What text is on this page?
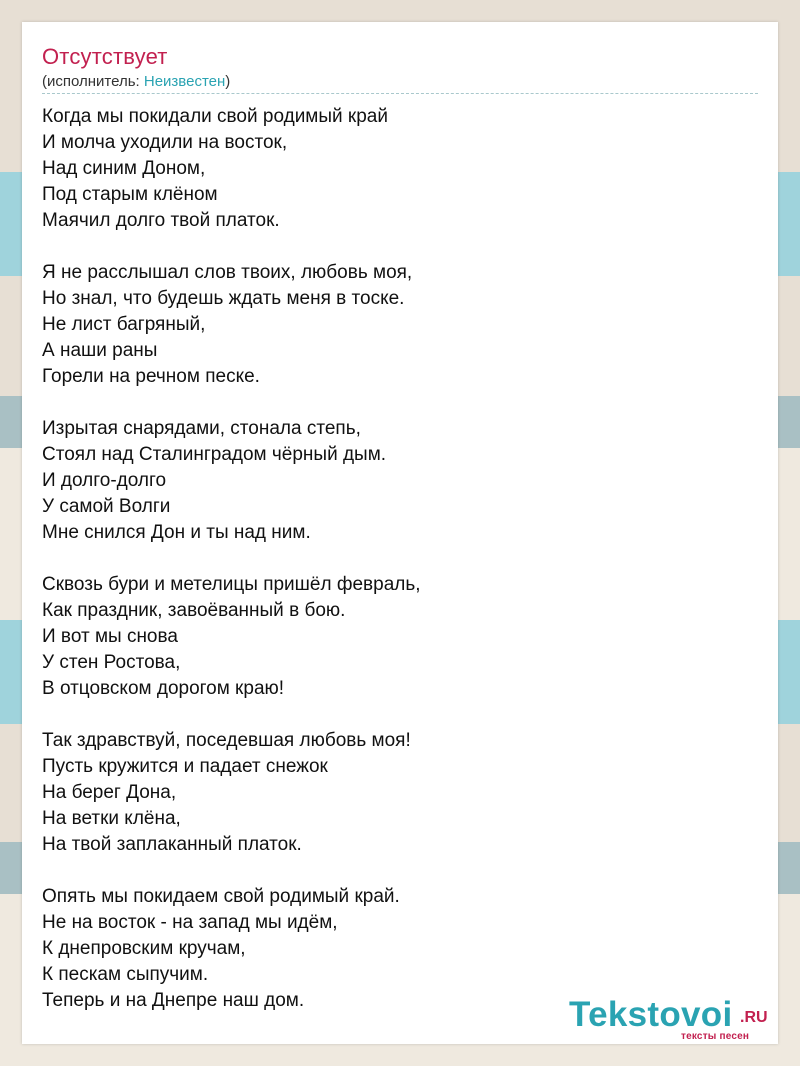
Отсутствует
(исполнитель: Неизвестен)
Когда мы покидали свой родимый край
И молча уходили на восток,
Над синим Доном,
Под старым клёном
Маячил долго твой платок.
Я не расслышал слов твоих, любовь моя,
Но знал, что будешь ждать меня в тоске.
Не лист багряный,
А наши раны
Горели на речном песке.
Изрытая снарядами, стонала степь,
Стоял над Сталинградом чёрный дым.
И долго-долго
У самой Волги
Мне снился Дон и ты над ним.
Сквозь бури и метелицы пришёл февраль,
Как праздник, завоёванный в бою.
И вот мы снова
У стен Ростова,
В отцовском дорогом краю!
Так здравствуй, поседевшая любовь моя!
Пусть кружится и падает снежок
На берег Дона,
На ветки клёна,
На твой заплаканный платок.
Опять мы покидаем свой родимый край.
Не на восток - на запад мы идём,
К днепровским кручам,
К пескам сыпучим.
Теперь и на Днепре наш дом.	Tekstovoi .RU
тексты песен
